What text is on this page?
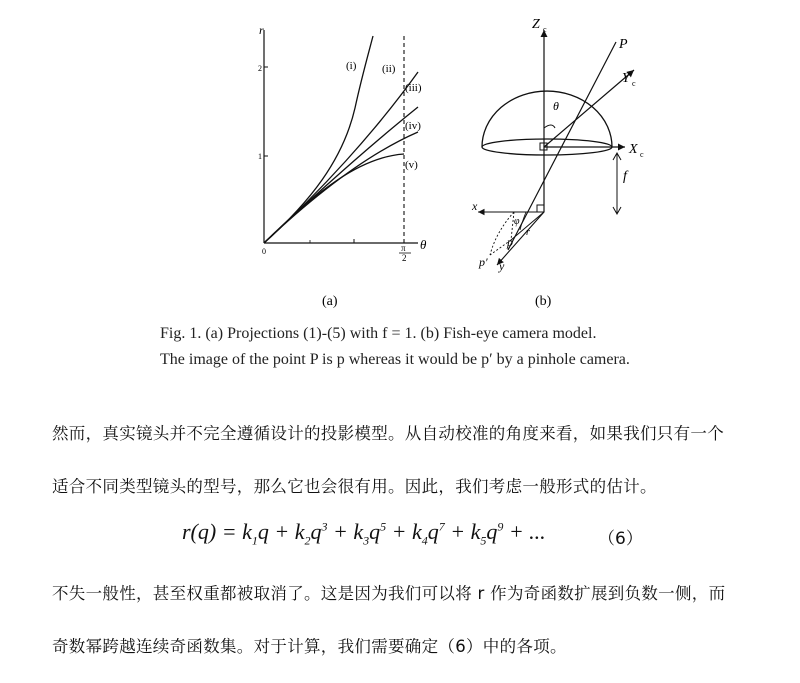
r
2
1
0	π
2
θ
(i) (ii)
(iii)
(iv)
(v)
(a)
Z c
P
Y c
θ
X c
f
x
φ
r
p
p′ y
(b)
Fig. 1. (a) Projections (1)-(5) with f = 1. (b) Fish-eye camera model.
The image of the point P is p whereas it would be p′ by a pinhole camera.
然而，真实镜头并不完全遵循设计的投影模型。从自动校准的角度来看，如果我们只有一个
适合不同类型镜头的型号，那么它也会很有用。因此，我们考虑一般形式的估计。
$r(q) = k_1q + k_2q^3 + k_3q^5 + k_4q^7 + k_5q^9$ + ...	（6）
不失一般性，甚至权重都被取消了。这是因为我们可以将 r 作为奇函数扩展到负数一侧，而
奇数幂跨越连续奇函数集。对于计算，我们需要确定（6）中的各项。
